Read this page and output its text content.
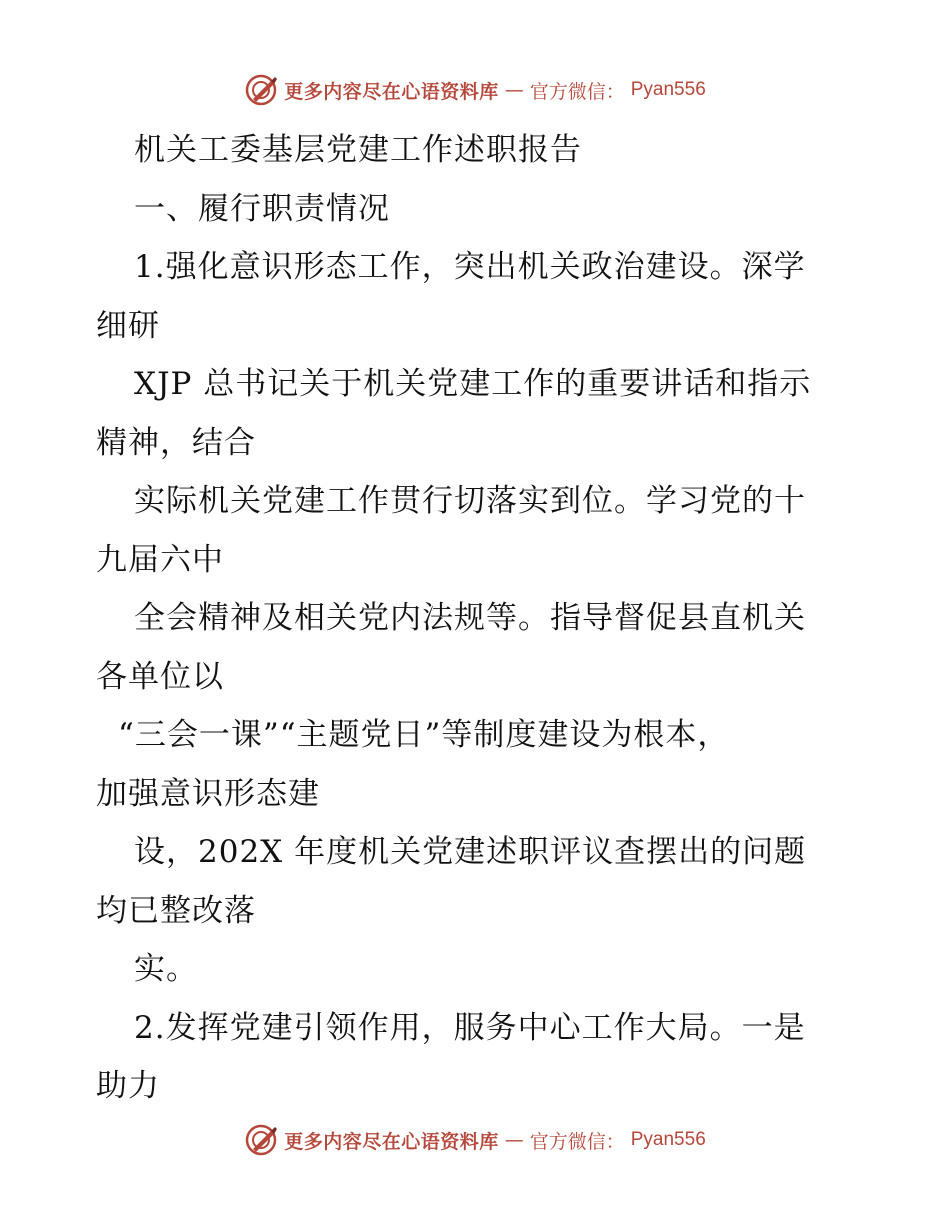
更多内容尽在心语资料库 — 官方微信： Pyan556
机关工委基层党建工作述职报告
一、履行职责情况
1.强化意识形态工作，突出机关政治建设。深学
细研
XJP 总书记关于机关党建工作的重要讲话和指示
精神，结合
实际机关党建工作贯行切落实到位。学习党的十
九届六中
全会精神及相关党内法规等。指导督促县直机关
各单位以
“三会一课”“主题党日”等制度建设为根本，
加强意识形态建
设，202X 年度机关党建述职评议查摆出的问题
均已整改落
实。
2.发挥党建引领作用，服务中心工作大局。一是
助力
更多内容尽在心语资料库 — 官方微信： Pyan556
